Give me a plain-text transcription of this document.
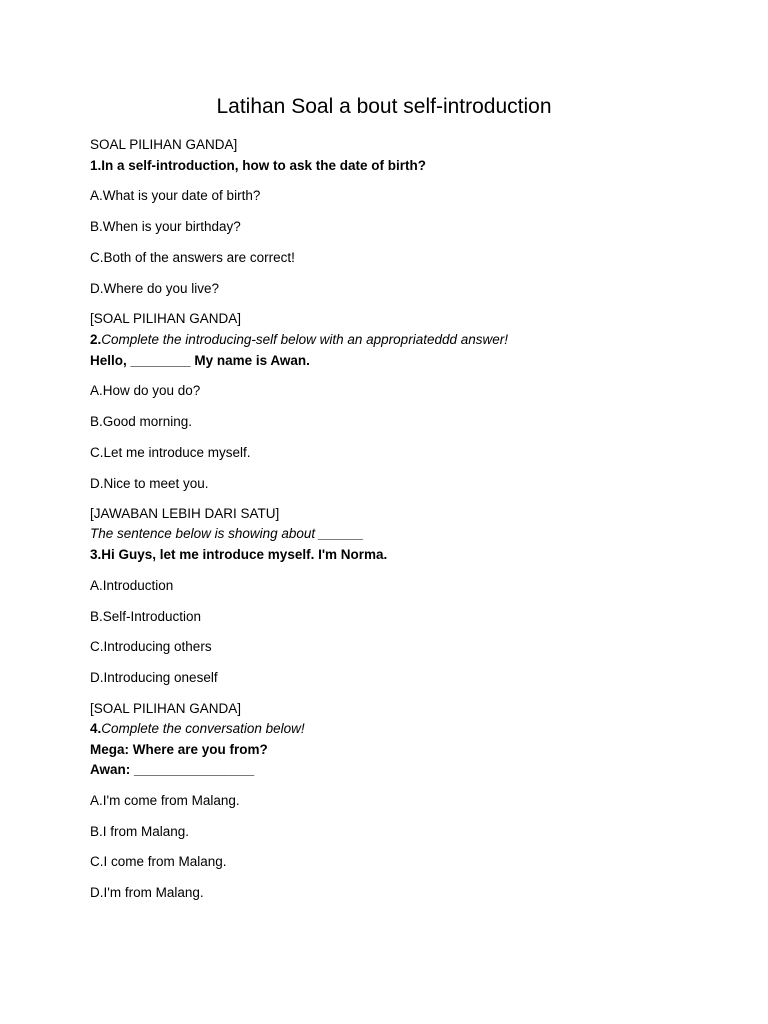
Latihan Soal a bout self-introduction
SOAL PILIHAN GANDA]
1.In a self-introduction, how to ask the date of birth?
A.What is your date of birth?
B.When is your birthday?
C.Both of the answers are correct!
D.Where do you live?
[SOAL PILIHAN GANDA]
2.Complete the introducing-self below with an appropriateddd answer!
Hello, ________ My name is Awan.
A.How do you do?
B.Good morning.
C.Let me introduce myself.
D.Nice to meet you.
[JAWABAN LEBIH DARI SATU]
The sentence below is showing about ______
3.Hi Guys, let me introduce myself. I'm Norma.
A.Introduction
B.Self-Introduction
C.Introducing others
D.Introducing oneself
[SOAL PILIHAN GANDA]
4.Complete the conversation below!
Mega: Where are you from?
Awan: ________________
A.I'm come from Malang.
B.I from Malang.
C.I come from Malang.
D.I'm from Malang.
